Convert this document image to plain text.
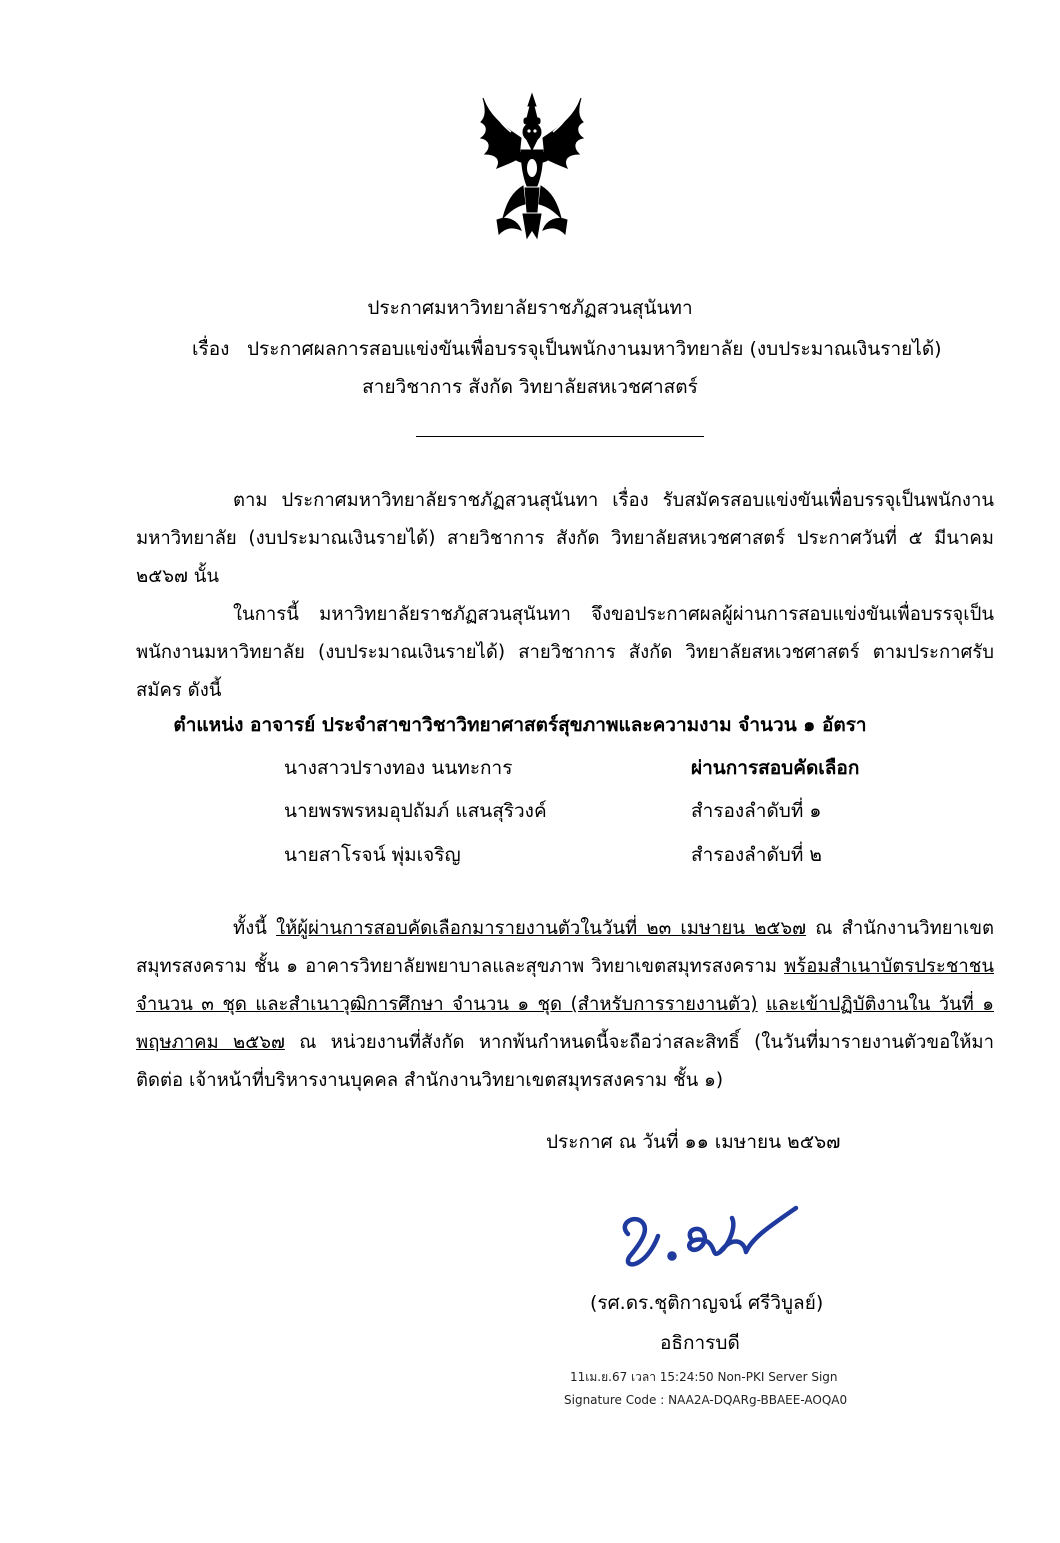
ประกาศมหาวิทยาลัยราชภัฏสวนสุนันทา
เรื่อง ประกาศผลการสอบแข่งขันเพื่อบรรจุเป็นพนักงานมหาวิทยาลัย (งบประมาณเงินรายได้)
สายวิชาการ สังกัด วิทยาลัยสหเวชศาสตร์
ตาม ประกาศมหาวิทยาลัยราชภัฏสวนสุนันทา เรื่อง รับสมัครสอบแข่งขันเพื่อบรรจุเป็นพนักงาน มหาวิทยาลัย (งบประมาณเงินรายได้) สายวิชาการ สังกัด วิทยาลัยสหเวชศาสตร์ ประกาศวันที่ ๕ มีนาคม ๒๕๖๗ นั้น
ในการนี้ มหาวิทยาลัยราชภัฏสวนสุนันทา จึงขอประกาศผลผู้ผ่านการสอบแข่งขันเพื่อบรรจุเป็น พนักงานมหาวิทยาลัย (งบประมาณเงินรายได้) สายวิชาการ สังกัด วิทยาลัยสหเวชศาสตร์ ตามประกาศรับ สมัคร ดังนี้
ตำแหน่ง อาจารย์ ประจำสาขาวิชาวิทยาศาสตร์สุขภาพและความงาม จำนวน ๑ อัตรา
นางสาวปรางทอง นนทะการ	ผ่านการสอบคัดเลือก
นายพรพรหมอุปถัมภ์ แสนสุริวงค์	สำรองลำดับที่ ๑
นายสาโรจน์ พุ่มเจริญ	สำรองลำดับที่ ๒
ทั้งนี้ ให้ผู้ผ่านการสอบคัดเลือกมารายงานตัวในวันที่ ๒๓ เมษายน ๒๕๖๗ ณ สำนักงานวิทยาเขต สมุทรสงคราม ชั้น ๑ อาคารวิทยาลัยพยาบาลและสุขภาพ วิทยาเขตสมุทรสงคราม พร้อมสำเนาบัตรประชาชน จำนวน ๓ ชุด และสำเนาวุฒิการศึกษา จำนวน ๑ ชุด (สำหรับการรายงานตัว) และเข้าปฏิบัติงานใน วันที่ ๑ พฤษภาคม ๒๕๖๗ ณ หน่วยงานที่สังกัด หากพ้นกำหนดนี้จะถือว่าสละสิทธิ์ (ในวันที่มารายงานตัวขอให้มาติดต่อ เจ้าหน้าที่บริหารงานบุคคล สำนักงานวิทยาเขตสมุทรสงคราม ชั้น ๑)
ประกาศ ณ วันที่ ๑๑ เมษายน ๒๕๖๗
(รศ.ดร.ชุติกาญจน์ ศรีวิบูลย์)
อธิการบดี
11เม.ย.67 เวลา 15:24:50 Non-PKI Server Sign
Signature Code : NAA2A-DQARg-BBAEE-AOQA0
